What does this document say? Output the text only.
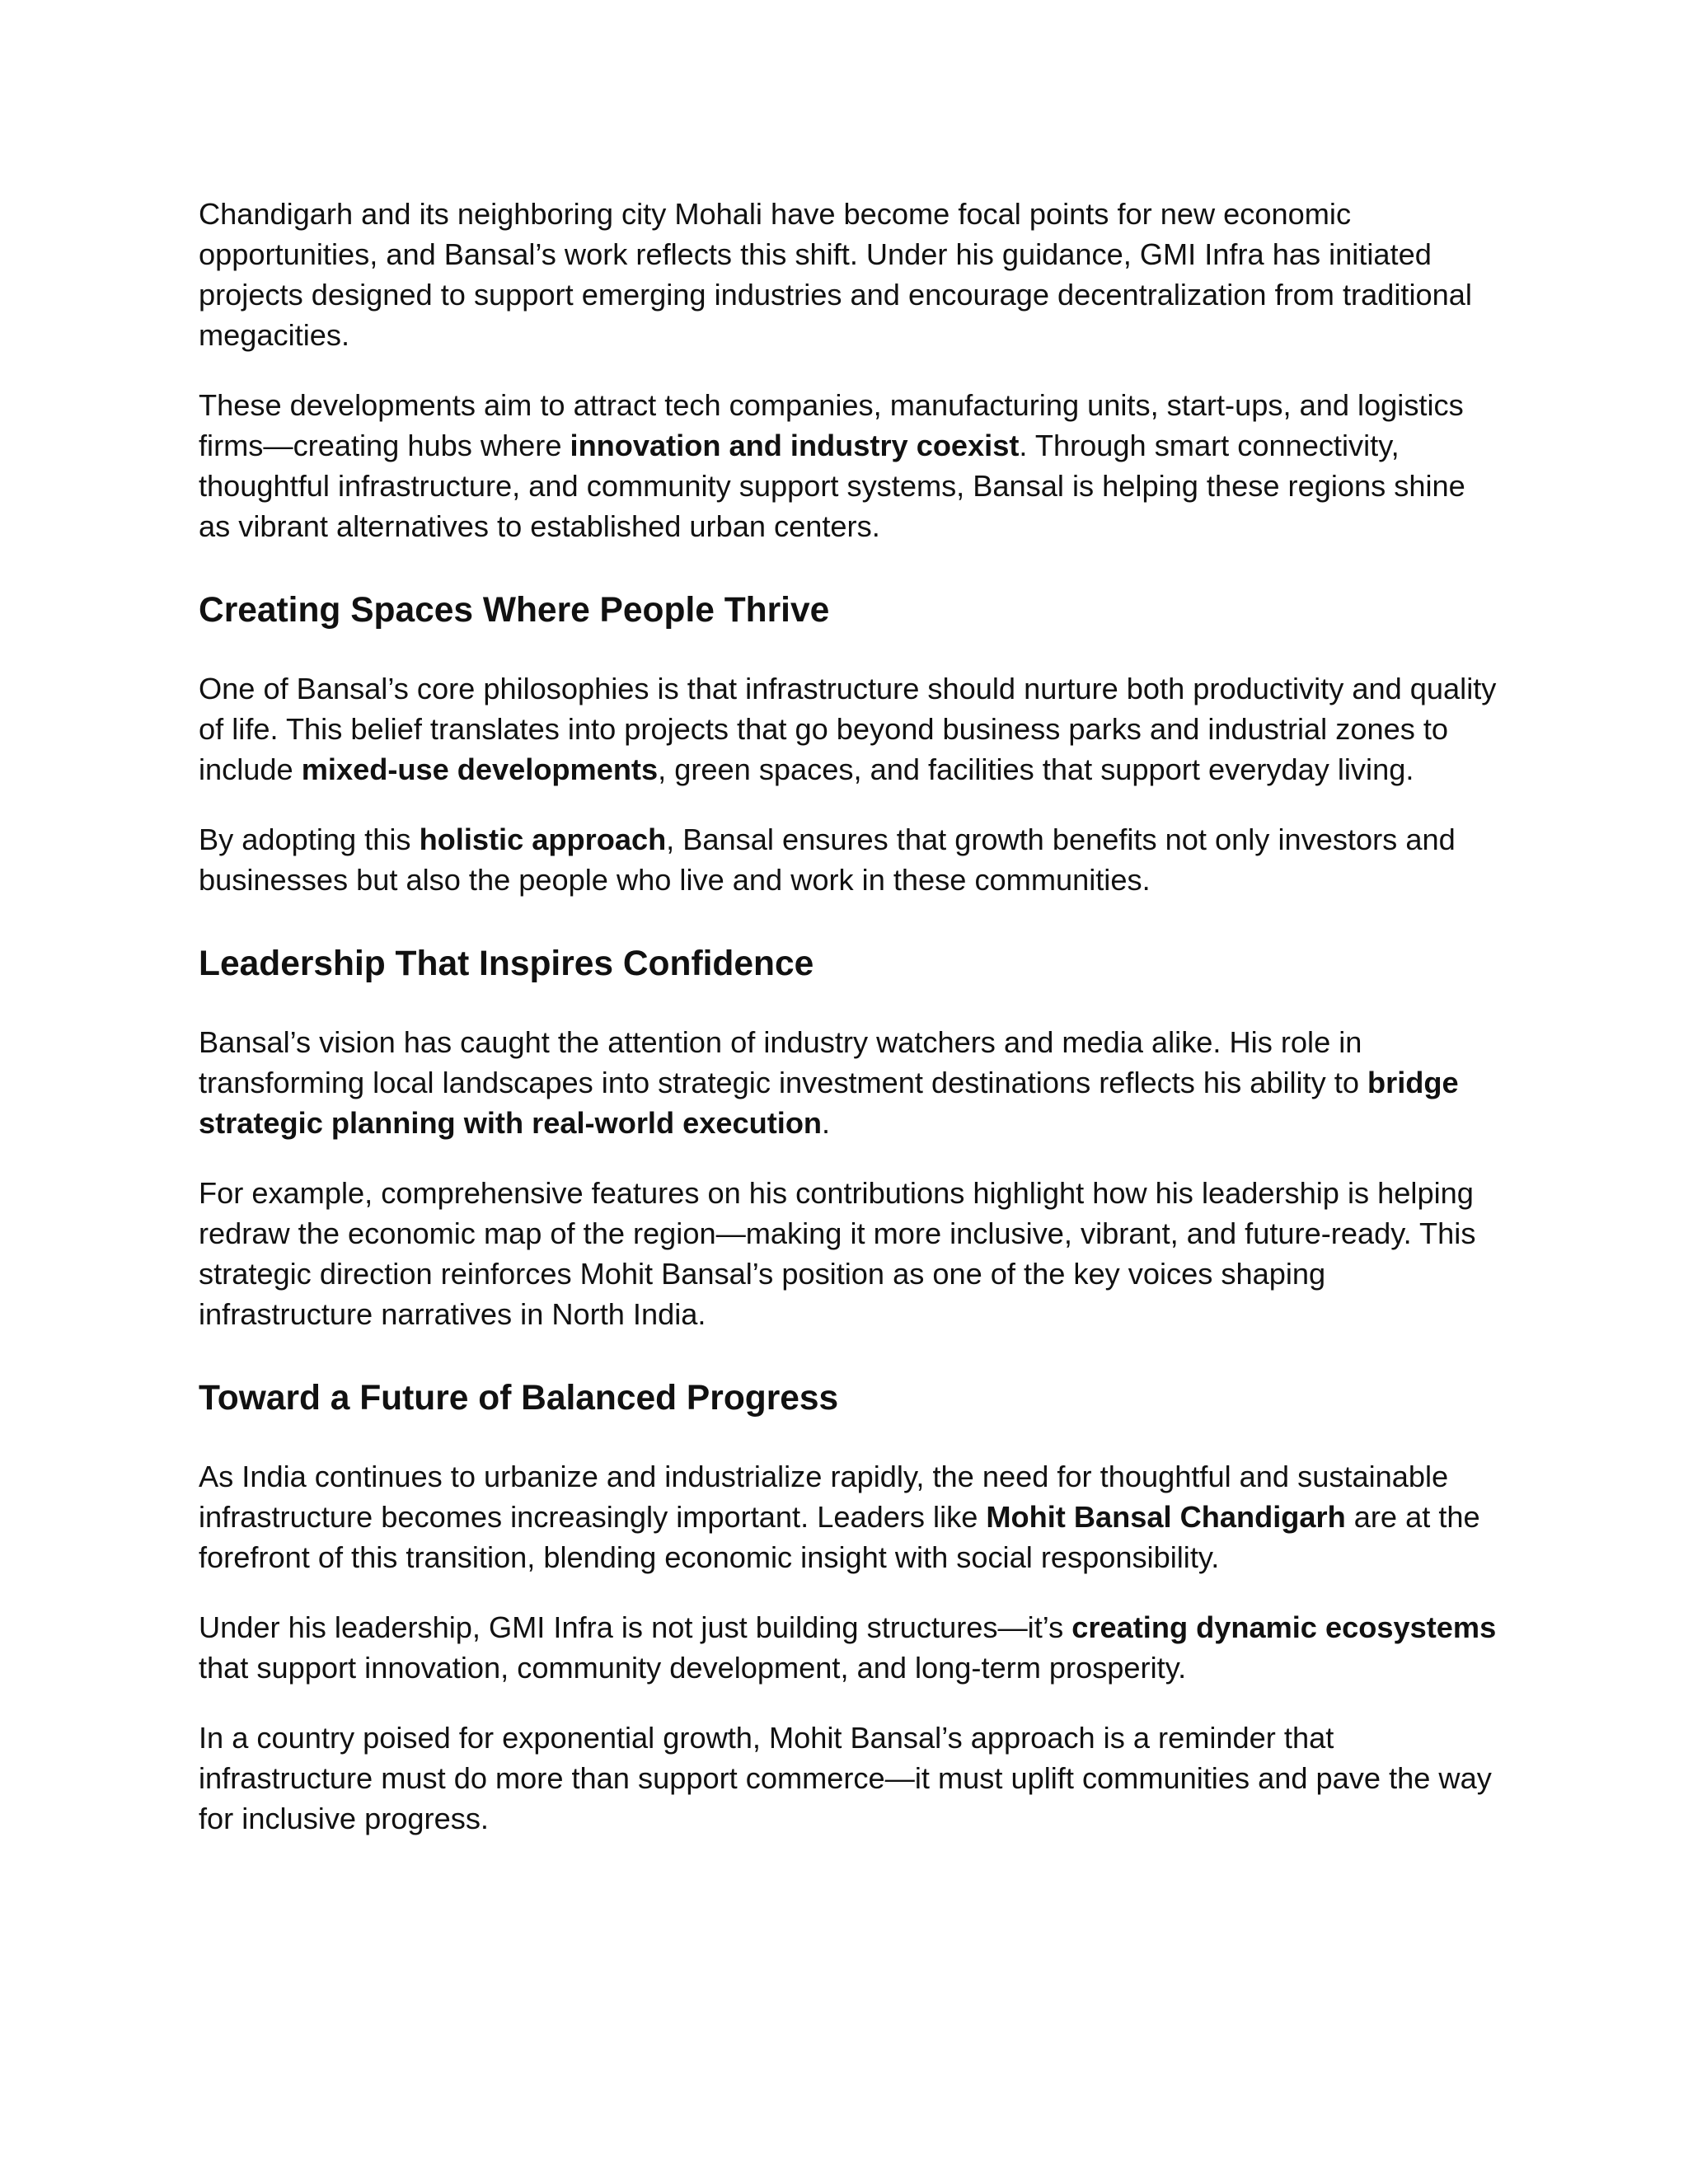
Chandigarh and its neighboring city Mohali have become focal points for new economic opportunities, and Bansal’s work reflects this shift. Under his guidance, GMI Infra has initiated projects designed to support emerging industries and encourage decentralization from traditional megacities.

These developments aim to attract tech companies, manufacturing units, start‑ups, and logistics firms—creating hubs where innovation and industry coexist. Through smart connectivity, thoughtful infrastructure, and community support systems, Bansal is helping these regions shine as vibrant alternatives to established urban centers.

Creating Spaces Where People Thrive

One of Bansal’s core philosophies is that infrastructure should nurture both productivity and quality of life. This belief translates into projects that go beyond business parks and industrial zones to include mixed‑use developments, green spaces, and facilities that support everyday living.

By adopting this holistic approach, Bansal ensures that growth benefits not only investors and businesses but also the people who live and work in these communities.

Leadership That Inspires Confidence

Bansal’s vision has caught the attention of industry watchers and media alike. His role in transforming local landscapes into strategic investment destinations reflects his ability to bridge strategic planning with real‑world execution.

For example, comprehensive features on his contributions highlight how his leadership is helping redraw the economic map of the region—making it more inclusive, vibrant, and future‑ready. This strategic direction reinforces Mohit Bansal’s position as one of the key voices shaping infrastructure narratives in North India.

Toward a Future of Balanced Progress

As India continues to urbanize and industrialize rapidly, the need for thoughtful and sustainable infrastructure becomes increasingly important. Leaders like Mohit Bansal Chandigarh are at the forefront of this transition, blending economic insight with social responsibility.

Under his leadership, GMI Infra is not just building structures—it’s creating dynamic ecosystems that support innovation, community development, and long‑term prosperity.

In a country poised for exponential growth, Mohit Bansal’s approach is a reminder that infrastructure must do more than support commerce—it must uplift communities and pave the way for inclusive progress.
